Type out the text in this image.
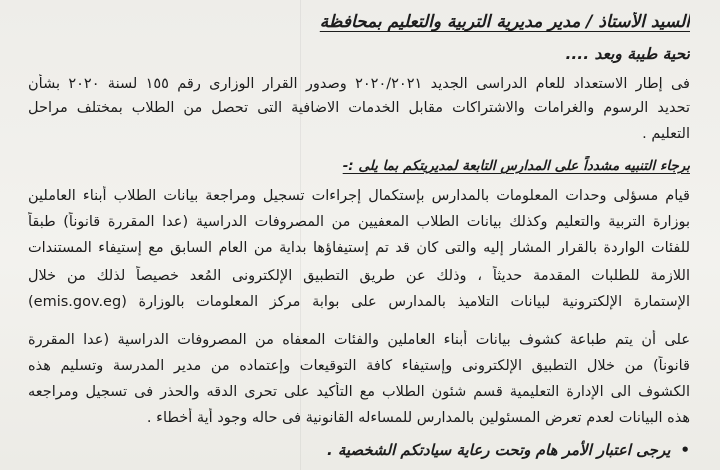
السيد الأستاذ / مدير مديرية التربية والتعليم بمحافظة
تحية طيبة وبعد ....
فى إطار الاستعداد للعام الدراسى الجديد ٢٠٢٠/٢٠٢١ وصدور القرار الوزارى رقم ١٥٥ لسنة ٢٠٢٠ بشأن
تحديد الرسوم والغرامات والاشتراكات مقابل الخدمات الاضافية التى تحصل من الطلاب بمختلف مراحل
التعليم .
برجاء التنبيه مشدداً على المدارس التابعة لمديريتكم بما يلى :-
قيام مسؤلى وحدات المعلومات بالمدارس بإستكمال إجراءات تسجيل ومراجعة بيانات الطلاب أبناء العاملين
بوزارة التربية والتعليم وكذلك بيانات الطلاب المعفيين من المصروفات الدراسية (عدا المقررة قانوناً) طبقاً
للفئات الواردة بالقرار المشار إليه والتى كان قد تم إستيفاؤها بداية من العام السابق مع إستيفاء المستندات
اللازمة للطلبات المقدمة حديثاً ، وذلك عن طريق التطبيق الإلكترونى المُعد خصيصاً لذلك من خلال
الإستمارة الإلكترونية لبيانات التلاميذ بالمدارس على بوابة مركز المعلومات بالوزارة (emis.gov.eg)
على أن يتم طباعة كشوف بيانات أبناء العاملين والفئات المعفاه من المصروفات الدراسية (عدا المقررة
قانوناً) من خلال التطبيق الإلكترونى وإستيفاء كافة التوقيعات وإعتماده من مدير المدرسة وتسليم هذه
الكشوف الى الإدارة التعليمية قسم شئون الطلاب مع التأكيد على تحرى الدقه والحذر فى تسجيل ومراجعه
هذه البيانات لعدم تعرض المسئولين بالمدارس للمساءله القانونية فى حاله وجود أية أخطاء .
•يرجى اعتبار الأمر هام وتحت رعاية سيادتكم الشخصية .
